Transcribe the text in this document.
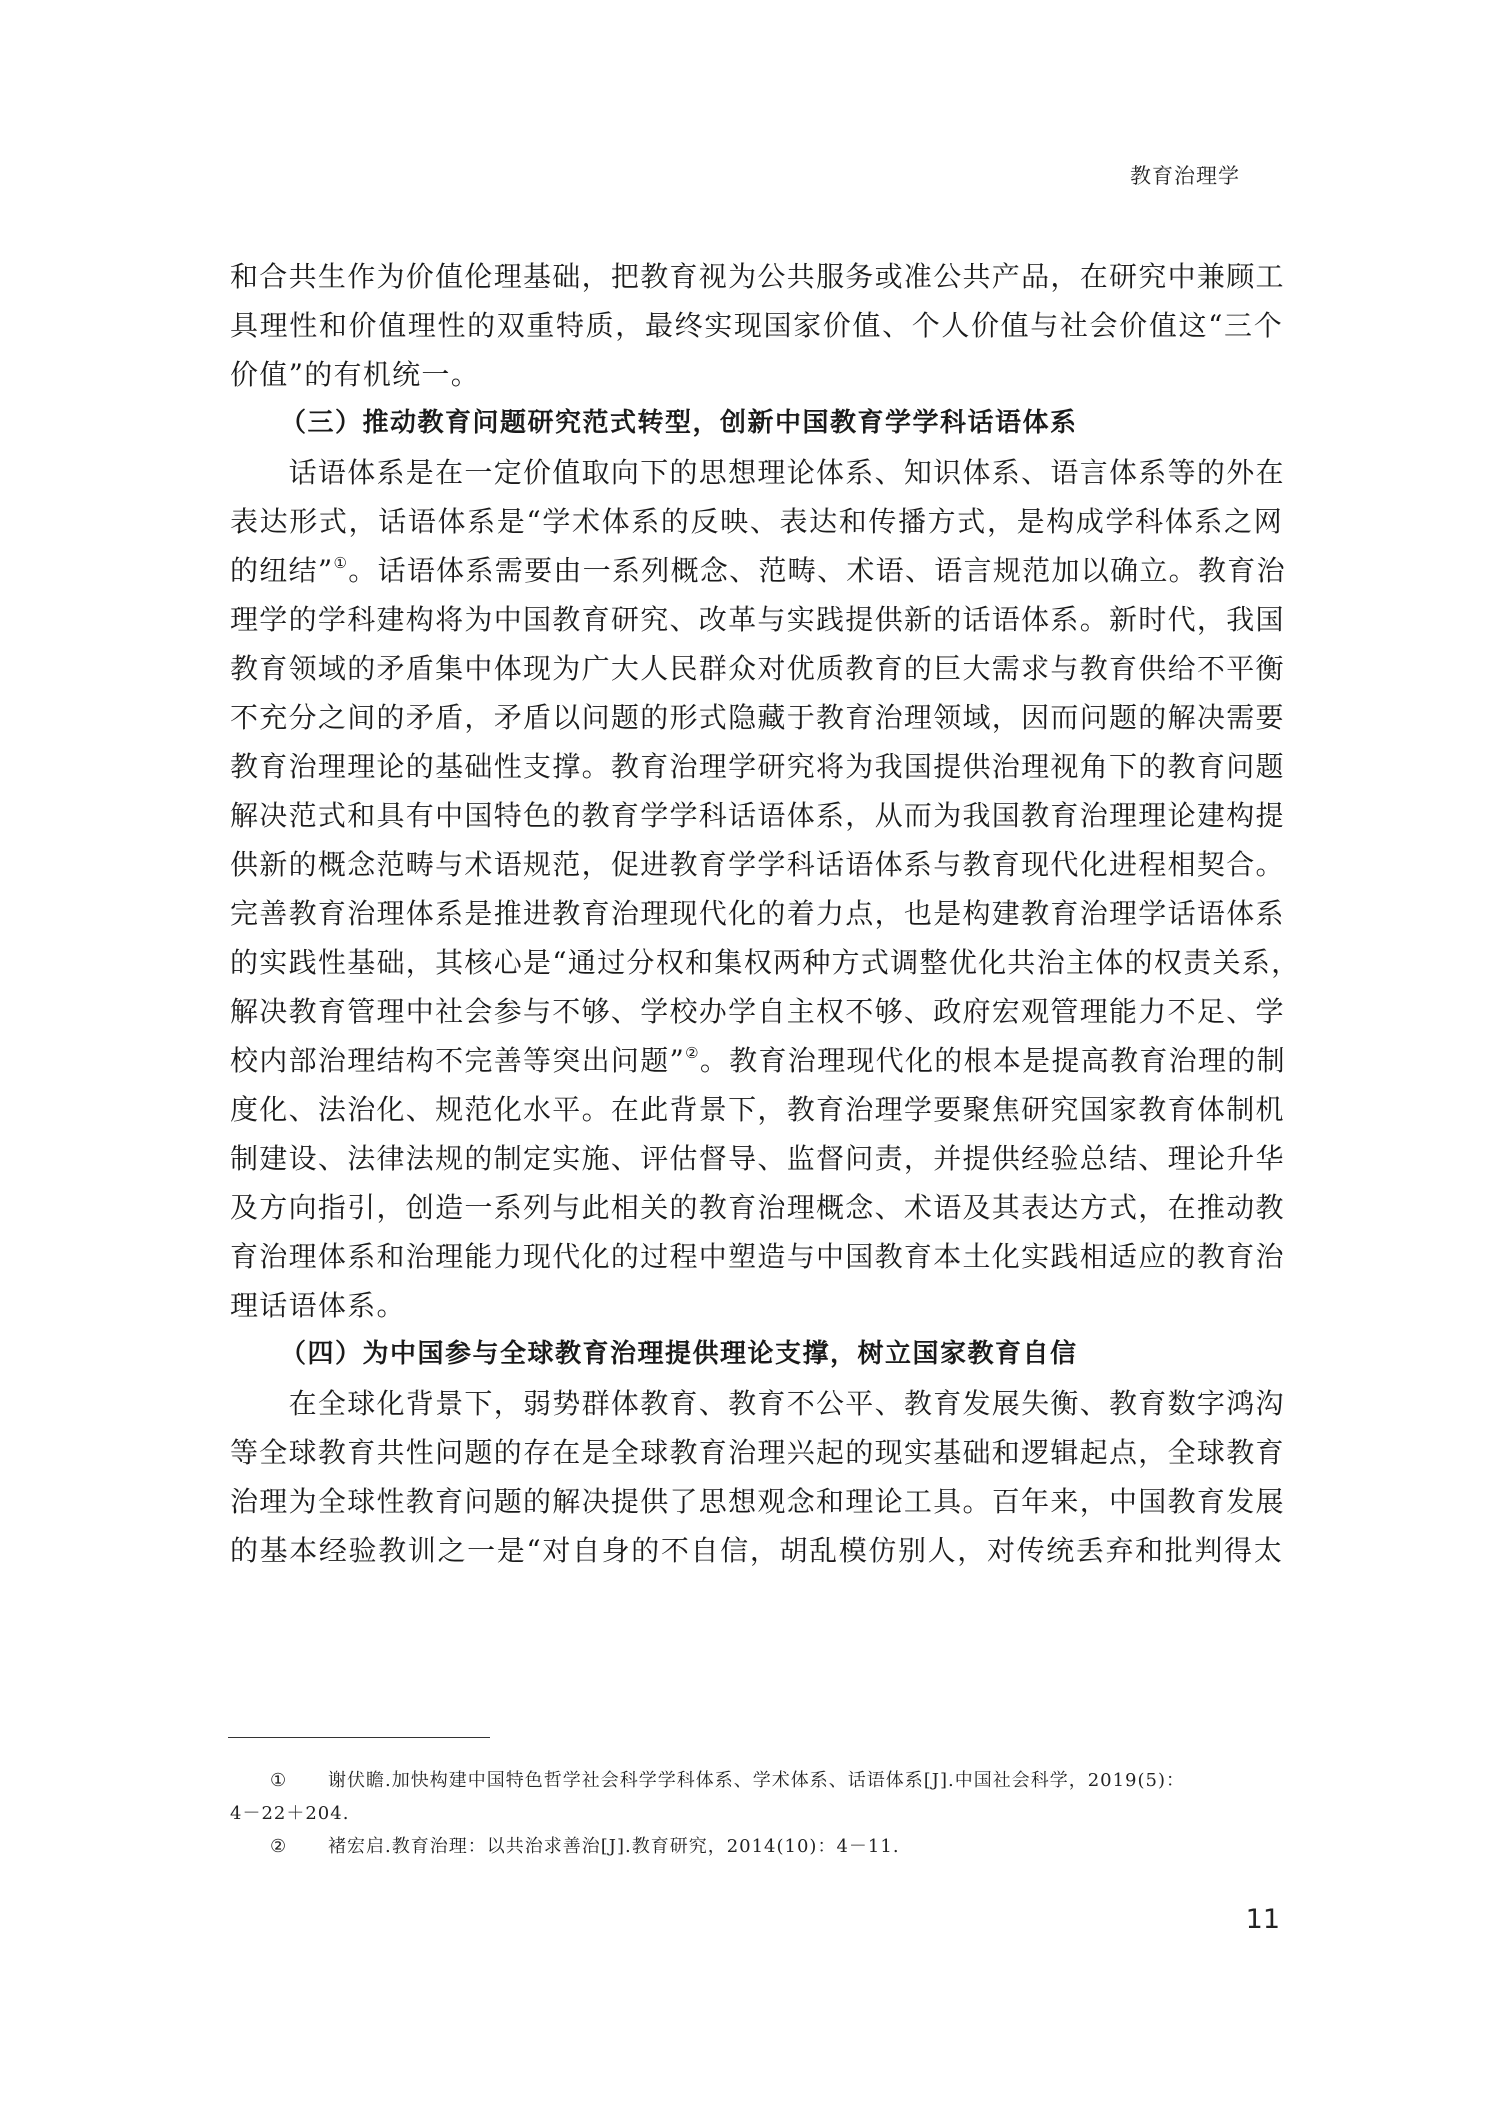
教育治理学
和合共生作为价值伦理基础，把教育视为公共服务或准公共产品，在研究中兼顾工
具理性和价值理性的双重特质，最终实现国家价值、个人价值与社会价值这“三个
价值”的有机统一。
（三）推动教育问题研究范式转型，创新中国教育学学科话语体系
　　话语体系是在一定价值取向下的思想理论体系、知识体系、语言体系等的外在
表达形式，话语体系是“学术体系的反映、表达和传播方式，是构成学科体系之网
的纽结”①。话语体系需要由一系列概念、范畴、术语、语言规范加以确立。教育治
理学的学科建构将为中国教育研究、改革与实践提供新的话语体系。新时代，我国
教育领域的矛盾集中体现为广大人民群众对优质教育的巨大需求与教育供给不平衡
不充分之间的矛盾，矛盾以问题的形式隐藏于教育治理领域，因而问题的解决需要
教育治理理论的基础性支撑。教育治理学研究将为我国提供治理视角下的教育问题
解决范式和具有中国特色的教育学学科话语体系，从而为我国教育治理理论建构提
供新的概念范畴与术语规范，促进教育学学科话语体系与教育现代化进程相契合。
完善教育治理体系是推进教育治理现代化的着力点，也是构建教育治理学话语体系
的实践性基础，其核心是“通过分权和集权两种方式调整优化共治主体的权责关系，
解决教育管理中社会参与不够、学校办学自主权不够、政府宏观管理能力不足、学
校内部治理结构不完善等突出问题”②。教育治理现代化的根本是提高教育治理的制
度化、法治化、规范化水平。在此背景下，教育治理学要聚焦研究国家教育体制机
制建设、法律法规的制定实施、评估督导、监督问责，并提供经验总结、理论升华
及方向指引，创造一系列与此相关的教育治理概念、术语及其表达方式，在推动教
育治理体系和治理能力现代化的过程中塑造与中国教育本土化实践相适应的教育治
理话语体系。
（四）为中国参与全球教育治理提供理论支撑，树立国家教育自信
　　在全球化背景下，弱势群体教育、教育不公平、教育发展失衡、教育数字鸿沟
等全球教育共性问题的存在是全球教育治理兴起的现实基础和逻辑起点，全球教育
治理为全球性教育问题的解决提供了思想观念和理论工具。百年来，中国教育发展
的基本经验教训之一是“对自身的不自信，胡乱模仿别人，对传统丢弃和批判得太
① 谢伏瞻.加快构建中国特色哲学社会科学学科体系、学术体系、话语体系[J].中国社会科学，2019(5)：
4－22＋204.
② 褚宏启.教育治理：以共治求善治[J].教育研究，2014(10)：4－11.
11
